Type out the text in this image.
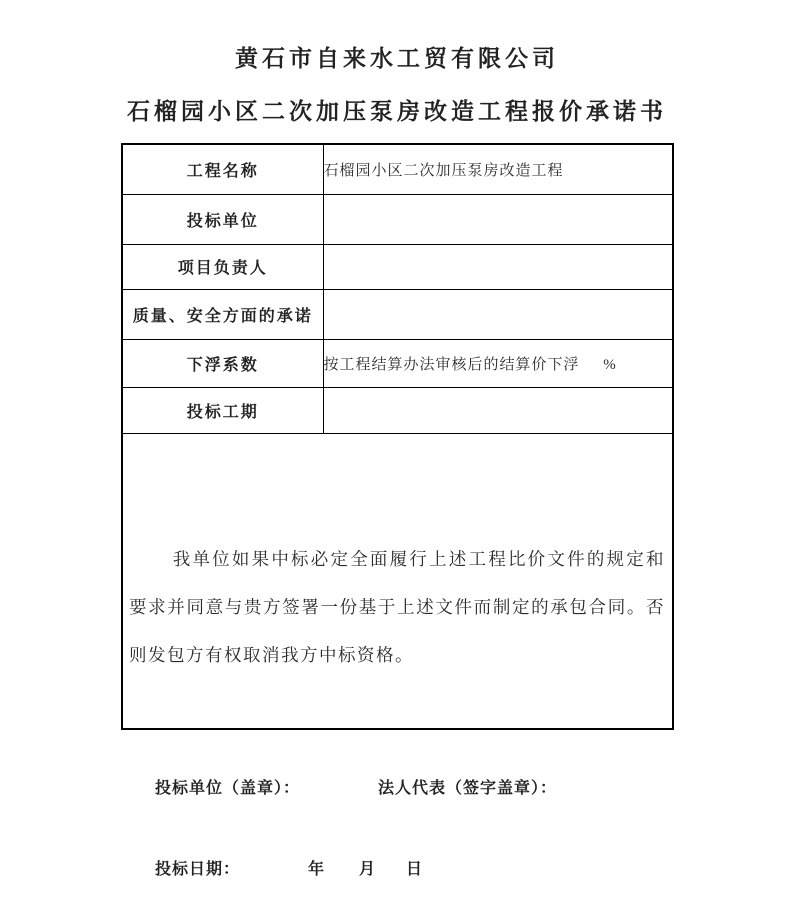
黄石市自来水工贸有限公司
石榴园小区二次加压泵房改造工程报价承诺书
工程名称	石榴园小区二次加压泵房改造工程
投标单位	
项目负责人	
质量、安全方面的承诺	
下浮系数	按工程结算办法审核后的结算价下浮     %
投标工期	

我单位如果中标必定全面履行上述工程比价文件的规定和要求并同意与贵方签署一份基于上述文件而制定的承包合同。否则发包方有权取消我方中标资格。	

投标单位（盖章）：	法人代表（签字盖章）：
投标日期：	年 月 日
